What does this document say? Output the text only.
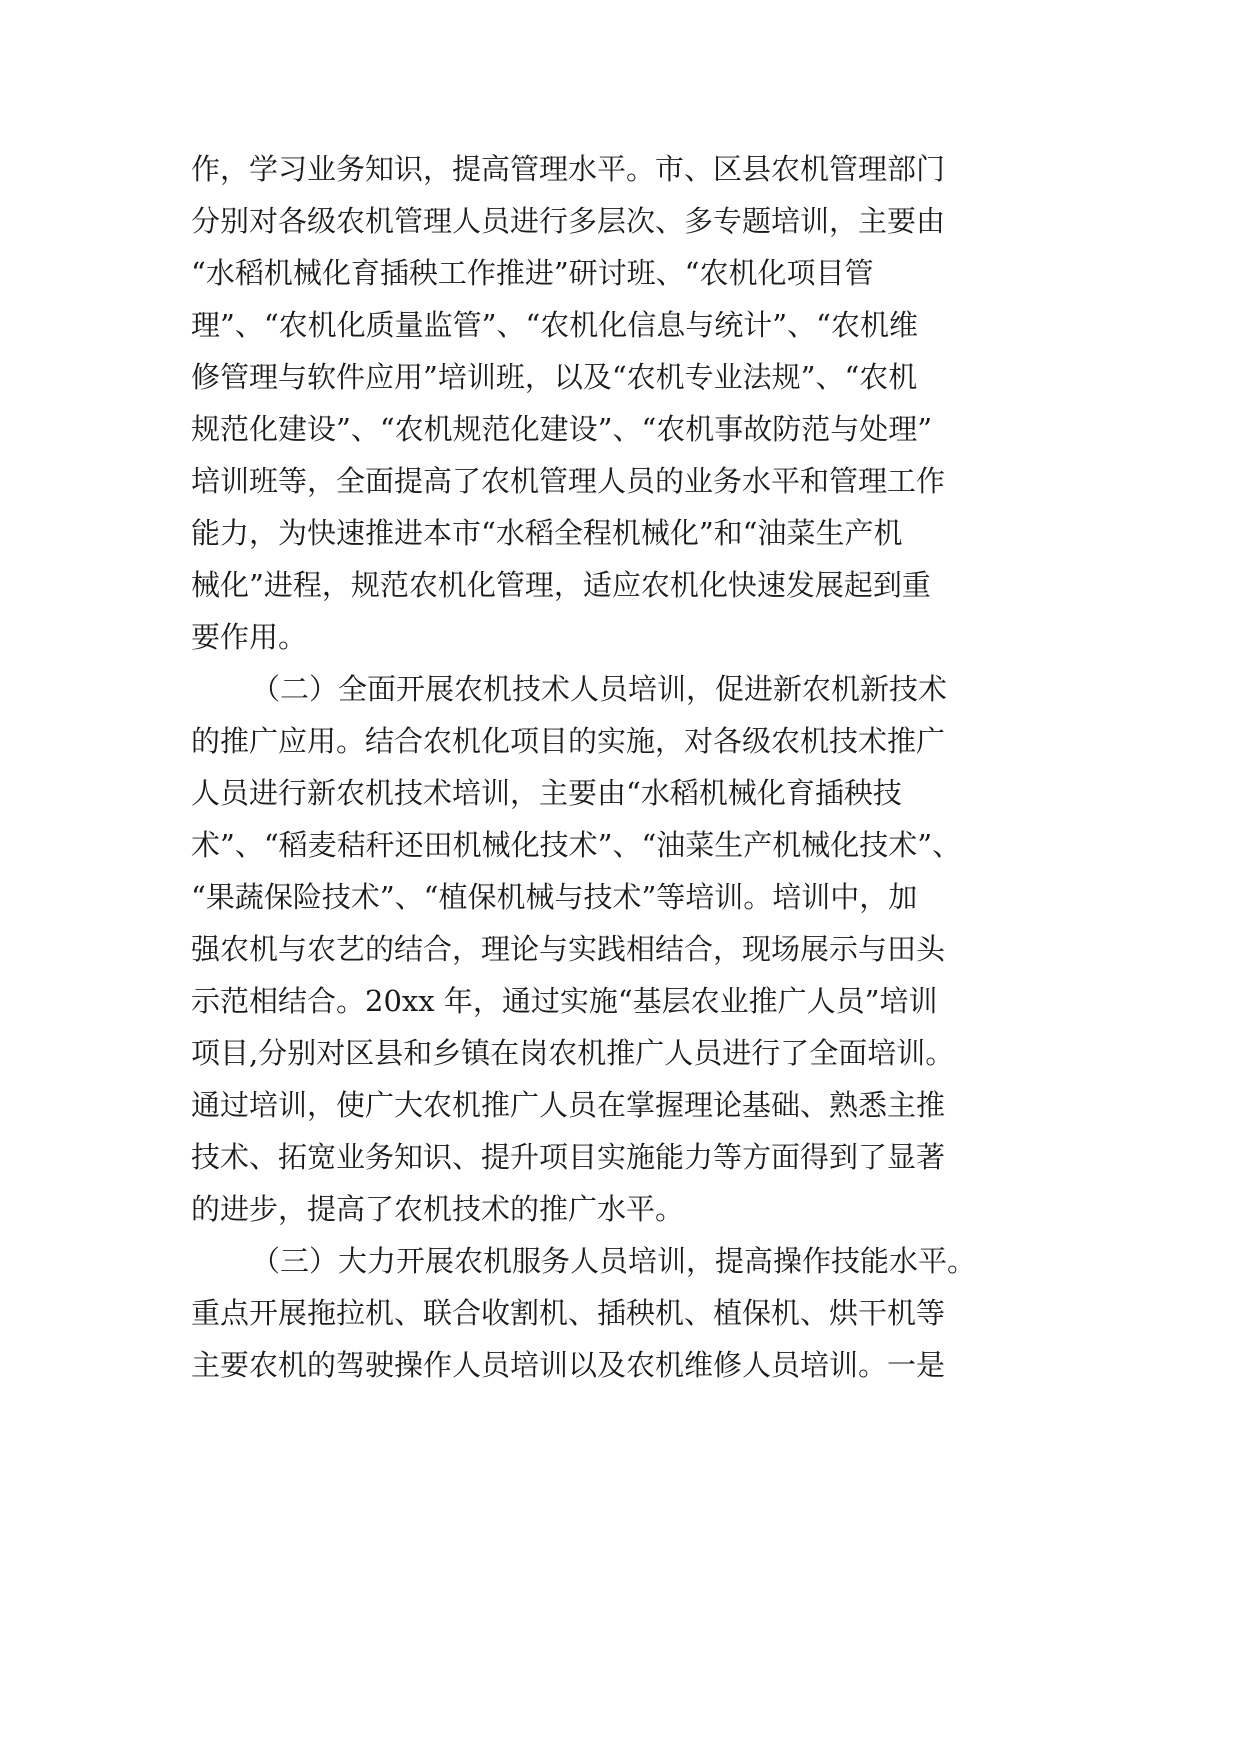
作，学习业务知识，提高管理水平。市、区县农机管理部门

分别对各级农机管理人员进行多层次、多专题培训，主要由

“水稻机械化育插秧工作推进”研讨班、“农机化项目管

理”、“农机化质量监管”、“农机化信息与统计”、“农机维

修管理与软件应用”培训班，以及“农机专业法规”、“农机

规范化建设”、“农机规范化建设”、“农机事故防范与处理”

培训班等，全面提高了农机管理人员的业务水平和管理工作

能力，为快速推进本市“水稻全程机械化”和“油菜生产机

械化”进程，规范农机化管理，适应农机化快速发展起到重

要作用。

（二）全面开展农机技术人员培训，促进新农机新技术

的推广应用。结合农机化项目的实施，对各级农机技术推广

人员进行新农机技术培训，主要由“水稻机械化育插秧技

术”、“稻麦秸秆还田机械化技术”、“油菜生产机械化技术”、

“果蔬保险技术”、“植保机械与技术”等培训。培训中，加

强农机与农艺的结合，理论与实践相结合，现场展示与田头

示范相结合。20xx 年，通过实施“基层农业推广人员”培训

项目,分别对区县和乡镇在岗农机推广人员进行了全面培训。

通过培训，使广大农机推广人员在掌握理论基础、熟悉主推

技术、拓宽业务知识、提升项目实施能力等方面得到了显著

的进步，提高了农机技术的推广水平。

（三）大力开展农机服务人员培训，提高操作技能水平。

重点开展拖拉机、联合收割机、插秧机、植保机、烘干机等

主要农机的驾驶操作人员培训以及农机维修人员培训。一是
